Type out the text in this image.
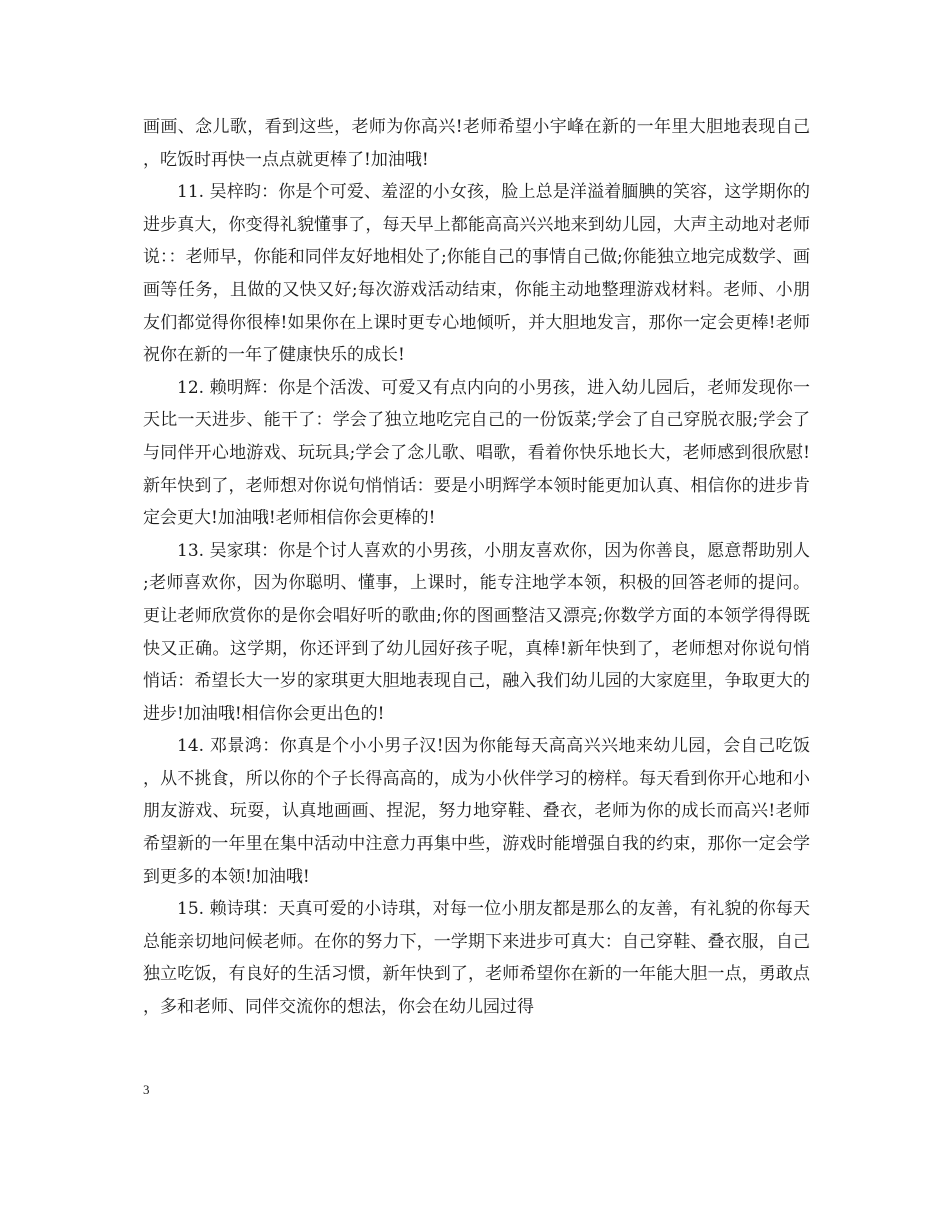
画画、念儿歌，看到这些，老师为你高兴!老师希望小宇峰在新的一年里大胆地表现自己，吃饭时再快一点点就更棒了!加油哦!

11. 吴梓昀：你是个可爱、羞涩的小女孩，脸上总是洋溢着腼腆的笑容，这学期你的进步真大，你变得礼貌懂事了，每天早上都能高高兴兴地来到幼儿园，大声主动地对老师说：：老师早，你能和同伴友好地相处了;你能自己的事情自己做;你能独立地完成数学、画画等任务，且做的又快又好;每次游戏活动结束，你能主动地整理游戏材料。老师、小朋友们都觉得你很棒!如果你在上课时更专心地倾听，并大胆地发言，那你一定会更棒!老师祝你在新的一年了健康快乐的成长!

12. 赖明辉：你是个活泼、可爱又有点内向的小男孩，进入幼儿园后，老师发现你一天比一天进步、能干了：学会了独立地吃完自己的一份饭菜;学会了自己穿脱衣服;学会了与同伴开心地游戏、玩玩具;学会了念儿歌、唱歌，看着你快乐地长大，老师感到很欣慰!新年快到了，老师想对你说句悄悄话：要是小明辉学本领时能更加认真、相信你的进步肯定会更大!加油哦!老师相信你会更棒的!

13. 吴家琪：你是个讨人喜欢的小男孩，小朋友喜欢你，因为你善良，愿意帮助别人;老师喜欢你，因为你聪明、懂事，上课时，能专注地学本领，积极的回答老师的提问。更让老师欣赏你的是你会唱好听的歌曲;你的图画整洁又漂亮;你数学方面的本领学得得既快又正确。这学期，你还评到了幼儿园好孩子呢，真棒!新年快到了，老师想对你说句悄悄话：希望长大一岁的家琪更大胆地表现自己，融入我们幼儿园的大家庭里，争取更大的进步!加油哦!相信你会更出色的!

14. 邓景鸿：你真是个小小男子汉!因为你能每天高高兴兴地来幼儿园，会自己吃饭，从不挑食，所以你的个子长得高高的，成为小伙伴学习的榜样。每天看到你开心地和小朋友游戏、玩耍，认真地画画、捏泥，努力地穿鞋、叠衣，老师为你的成长而高兴!老师希望新的一年里在集中活动中注意力再集中些，游戏时能增强自我的约束，那你一定会学到更多的本领!加油哦!

15. 赖诗琪：天真可爱的小诗琪，对每一位小朋友都是那么的友善，有礼貌的你每天总能亲切地问候老师。在你的努力下，一学期下来进步可真大：自己穿鞋、叠衣服，自己独立吃饭，有良好的生活习惯，新年快到了，老师希望你在新的一年能大胆一点，勇敢点，多和老师、同伴交流你的想法，你会在幼儿园过得

3
